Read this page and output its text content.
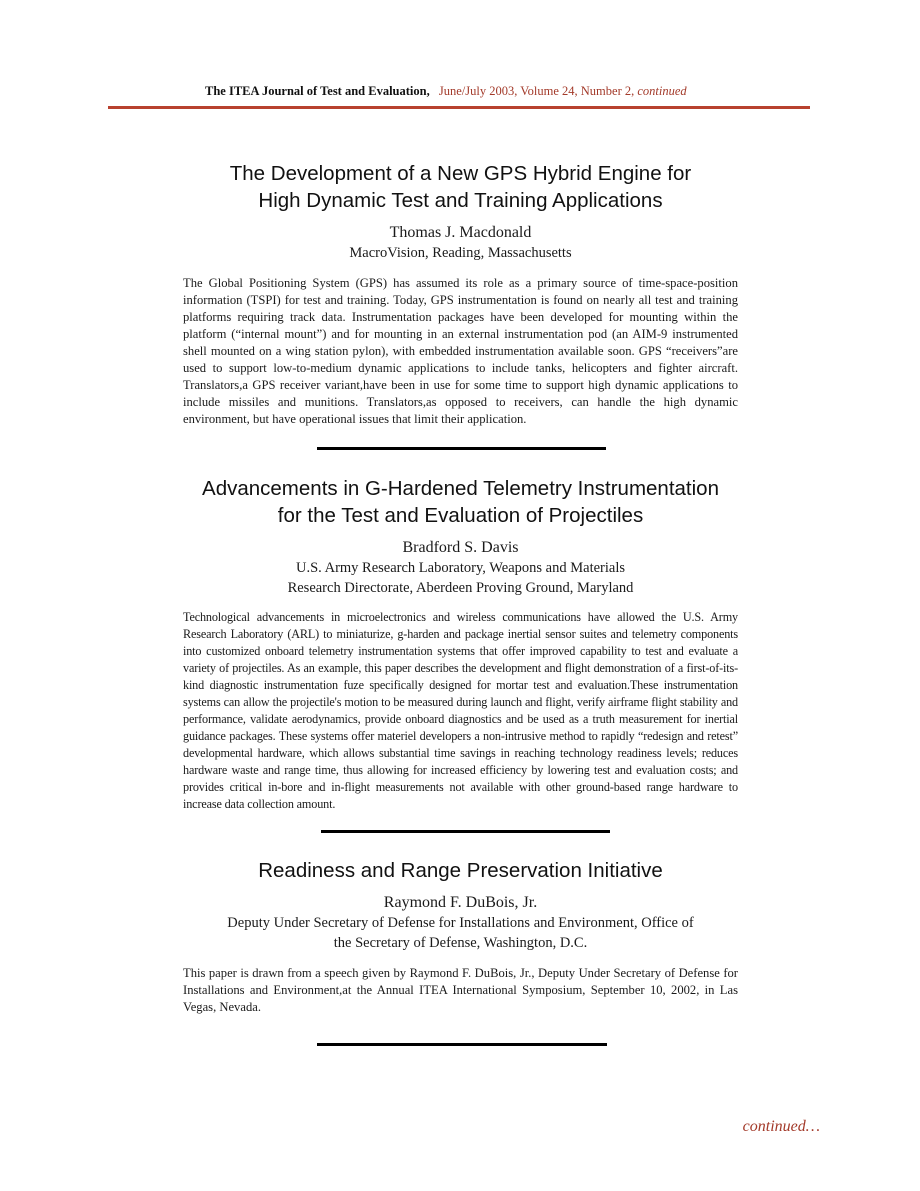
The ITEA Journal of Test and Evaluation, June/July 2003, Volume 24, Number 2, continued
The Development of a New GPS Hybrid Engine for
High Dynamic Test and Training Applications
Thomas J. Macdonald
MacroVision, Reading, Massachusetts

The Global Positioning System (GPS) has assumed its role as a primary source of time-space-position information (TSPI) for test and training. Today, GPS instrumentation is found on nearly all test and training platforms requiring track data. Instrumentation packages have been developed for mounting within the platform (“internal mount”) and for mounting in an external instrumentation pod (an AIM-9 instrumented shell mounted on a wing station pylon), with embedded instrumentation available soon. GPS “receivers”are used to support low-to-medium dynamic applications to include tanks, helicopters and fighter aircraft. Translators,a GPS receiver variant,have been in use for some time to support high dynamic applications to include missiles and munitions. Translators,as opposed to receivers, can handle the high dynamic environment, but have operational issues that limit their application.

Advancements in G-Hardened Telemetry Instrumentation
for the Test and Evaluation of Projectiles
Bradford S. Davis
U.S. Army Research Laboratory, Weapons and Materials
Research Directorate, Aberdeen Proving Ground, Maryland

Technological advancements in microelectronics and wireless communications have allowed the U.S. Army Research Laboratory (ARL) to miniaturize, g-harden and package inertial sensor suites and telemetry components into customized onboard telemetry instrumentation systems that offer improved capability to test and evaluate a variety of projectiles. As an example, this paper describes the development and flight demonstration of a first-of-its-kind diagnostic instrumentation fuze specifically designed for mortar test and evaluation.These instrumentation systems can allow the projectile's motion to be measured during launch and flight, verify airframe flight stability and performance, validate aerodynamics, provide onboard diagnostics and be used as a truth measurement for inertial guidance packages. These systems offer materiel developers a non-intrusive method to rapidly “redesign and retest” developmental hardware, which allows substantial time savings in reaching technology readiness levels; reduces hardware waste and range time, thus allowing for increased efficiency by lowering test and evaluation costs; and provides critical in-bore and in-flight measurements not available with other ground-based range hardware to increase data collection amount.

Readiness and Range Preservation Initiative
Raymond F. DuBois, Jr.
Deputy Under Secretary of Defense for Installations and Environment, Office of
the Secretary of Defense, Washington, D.C.

This paper is drawn from a speech given by Raymond F. DuBois, Jr., Deputy Under Secretary of Defense for Installations and Environment,at the Annual ITEA International Symposium, September 10, 2002, in Las Vegas, Nevada.

continued…
